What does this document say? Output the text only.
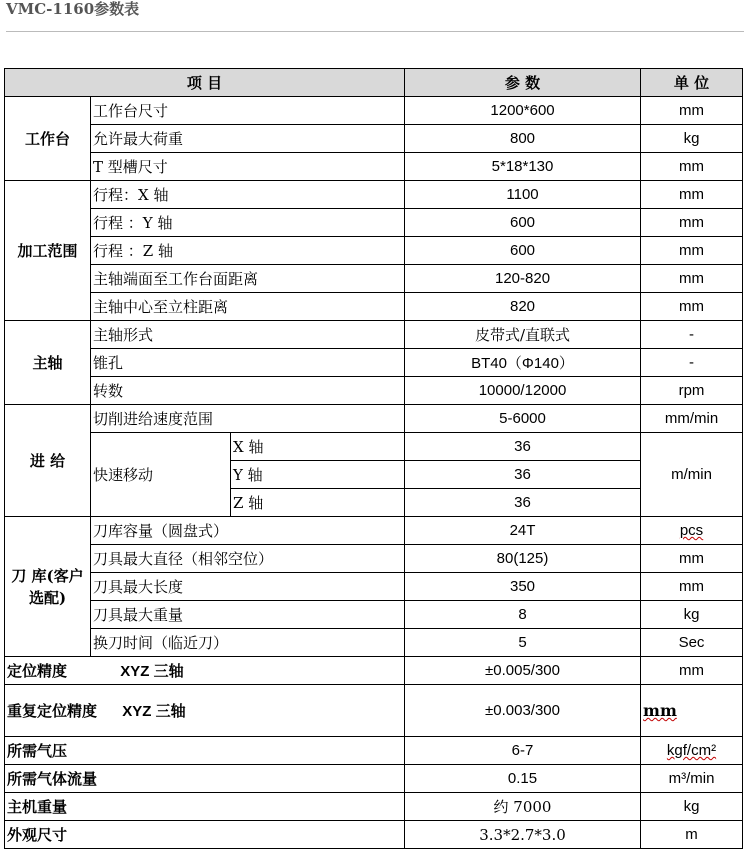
VMC-1160参数表
项 目			参 数	单 位
工作台	工作台尺寸		1200*600	mm
	允许最大荷重		800	kg
	T 型槽尺寸		5*18*130	mm
加工范围	行程：X 轴		1100	mm
	行程 ：Y 轴		600	mm
	行程 ：Z 轴		600	mm
	主轴端面至工作台面距离		120-820	mm
	主轴中心至立柱距离		820	mm
主轴	主轴形式		皮带式/直联式	-
	锥孔		BT40（Φ140）	-
	转数		10000/12000	rpm
进 给	切削进给速度范围		5-6000	mm/min
	快速移动	X 轴	36	m/min
		Y 轴	36	
		Z 轴	36	
刀 库(客户选配)	刀库容量（圆盘式）		24T	pcs
	刀具最大直径（相邻空位）		80(125)	mm
	刀具最大长度		350	mm
	刀具最大重量		8	kg
	换刀时间（临近刀）		5	Sec
定位精度 XYZ 三轴			±0.005/300	mm
重复定位精度 XYZ 三轴			±0.003/300	mm
所需气压			6-7	kgf/cm²
所需气体流量			0.15	m³/min
主机重量			约 7000	kg
外观尺寸			3.3*2.7*3.0	m
